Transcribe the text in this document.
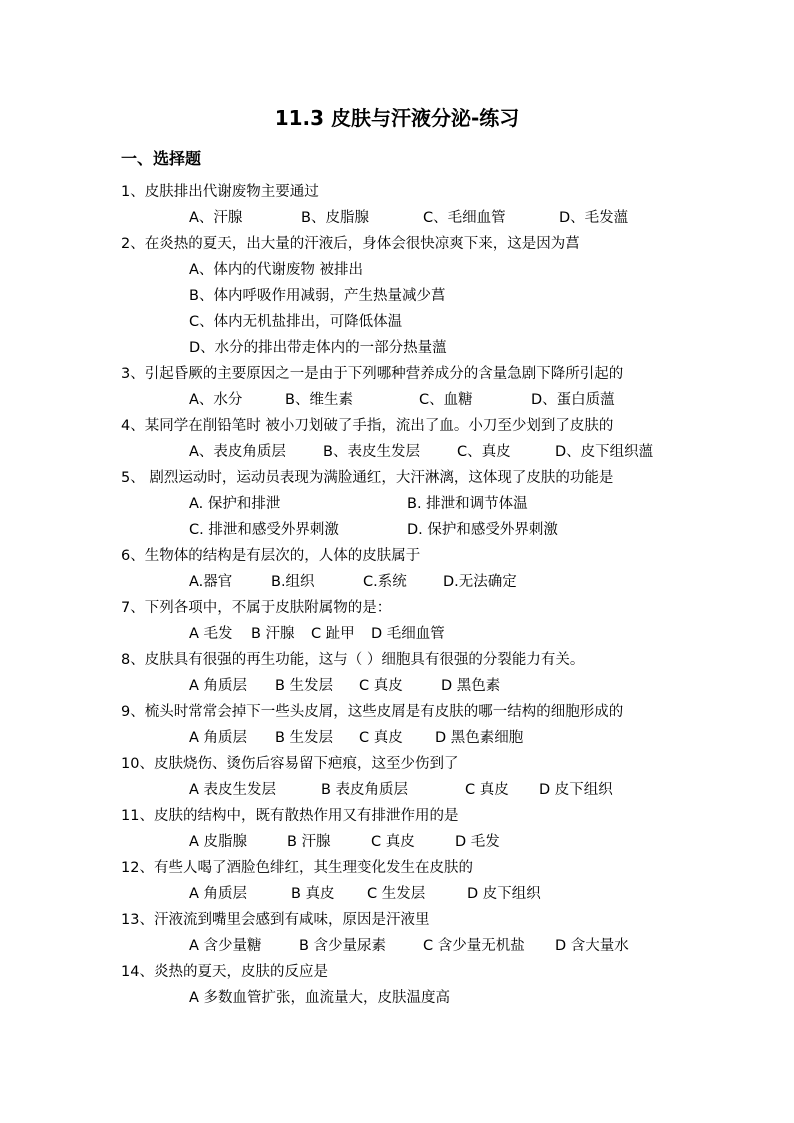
11.3 皮肤与汗液分泌-练习
一、选择题
1、皮肤排出代谢废物主要通过
A、汗腺	B、皮脂腺	C、毛细血管	D、毛发薀
2、在炎热的夏天，出大量的汗液后，身体会很快凉爽下来，这是因为菖
A、体内的代谢废物 被排出
B、体内呼吸作用减弱，产生热量减少菖
C、体内无机盐排出，可降低体温
D、水分的排出带走体内的一部分热量薀
3、引起昏厥的主要原因之一是由于下列哪种营养成分的含量急剧下降所引起的
A、水分	B、维生素	C、血糖	D、蛋白质薀
4、某同学在削铅笔时 被小刀划破了手指，流出了血。小刀至少划到了皮肤的
A、表皮角质层	B、表皮生发层	C、真皮	D、皮下组织薀
5、 剧烈运动时，运动员表现为满脸通红，大汗淋漓，这体现了皮肤的功能是
A. 保护和排泄	B. 排泄和调节体温
C. 排泄和感受外界刺激	D. 保护和感受外界刺激
6、生物体的结构是有层次的，人体的皮肤属于
A.器官	B.组织	C.系统	D.无法确定
7、下列各项中，不属于皮肤附属物的是：
A 毛发 B 汗腺 C 趾甲 D 毛细血管
8、皮肤具有很强的再生功能，这与（ ）细胞具有很强的分裂能力有关。
A 角质层 B 生发层 C 真皮	D 黑色素
9、梳头时常常会掉下一些头皮屑，这些皮屑是有皮肤的哪一结构的细胞形成的
A 角质层 B 生发层 C 真皮 D 黑色素细胞
10、皮肤烧伤、烫伤后容易留下疤痕，这至少伤到了
A 表皮生发层	B 表皮角质层	C 真皮 D 皮下组织
11、皮肤的结构中，既有散热作用又有排泄作用的是
A 皮脂腺	B 汗腺	C 真皮	D 毛发
12、有些人喝了酒脸色绯红，其生理变化发生在皮肤的
A 角质层	B 真皮 C 生发层	D 皮下组织
13、汗液流到嘴里会感到有咸味，原因是汗液里
A 含少量糖	B 含少量尿素	C 含少量无机盐 D 含大量水
14、炎热的夏天，皮肤的反应是
A 多数血管扩张，血流量大，皮肤温度高
